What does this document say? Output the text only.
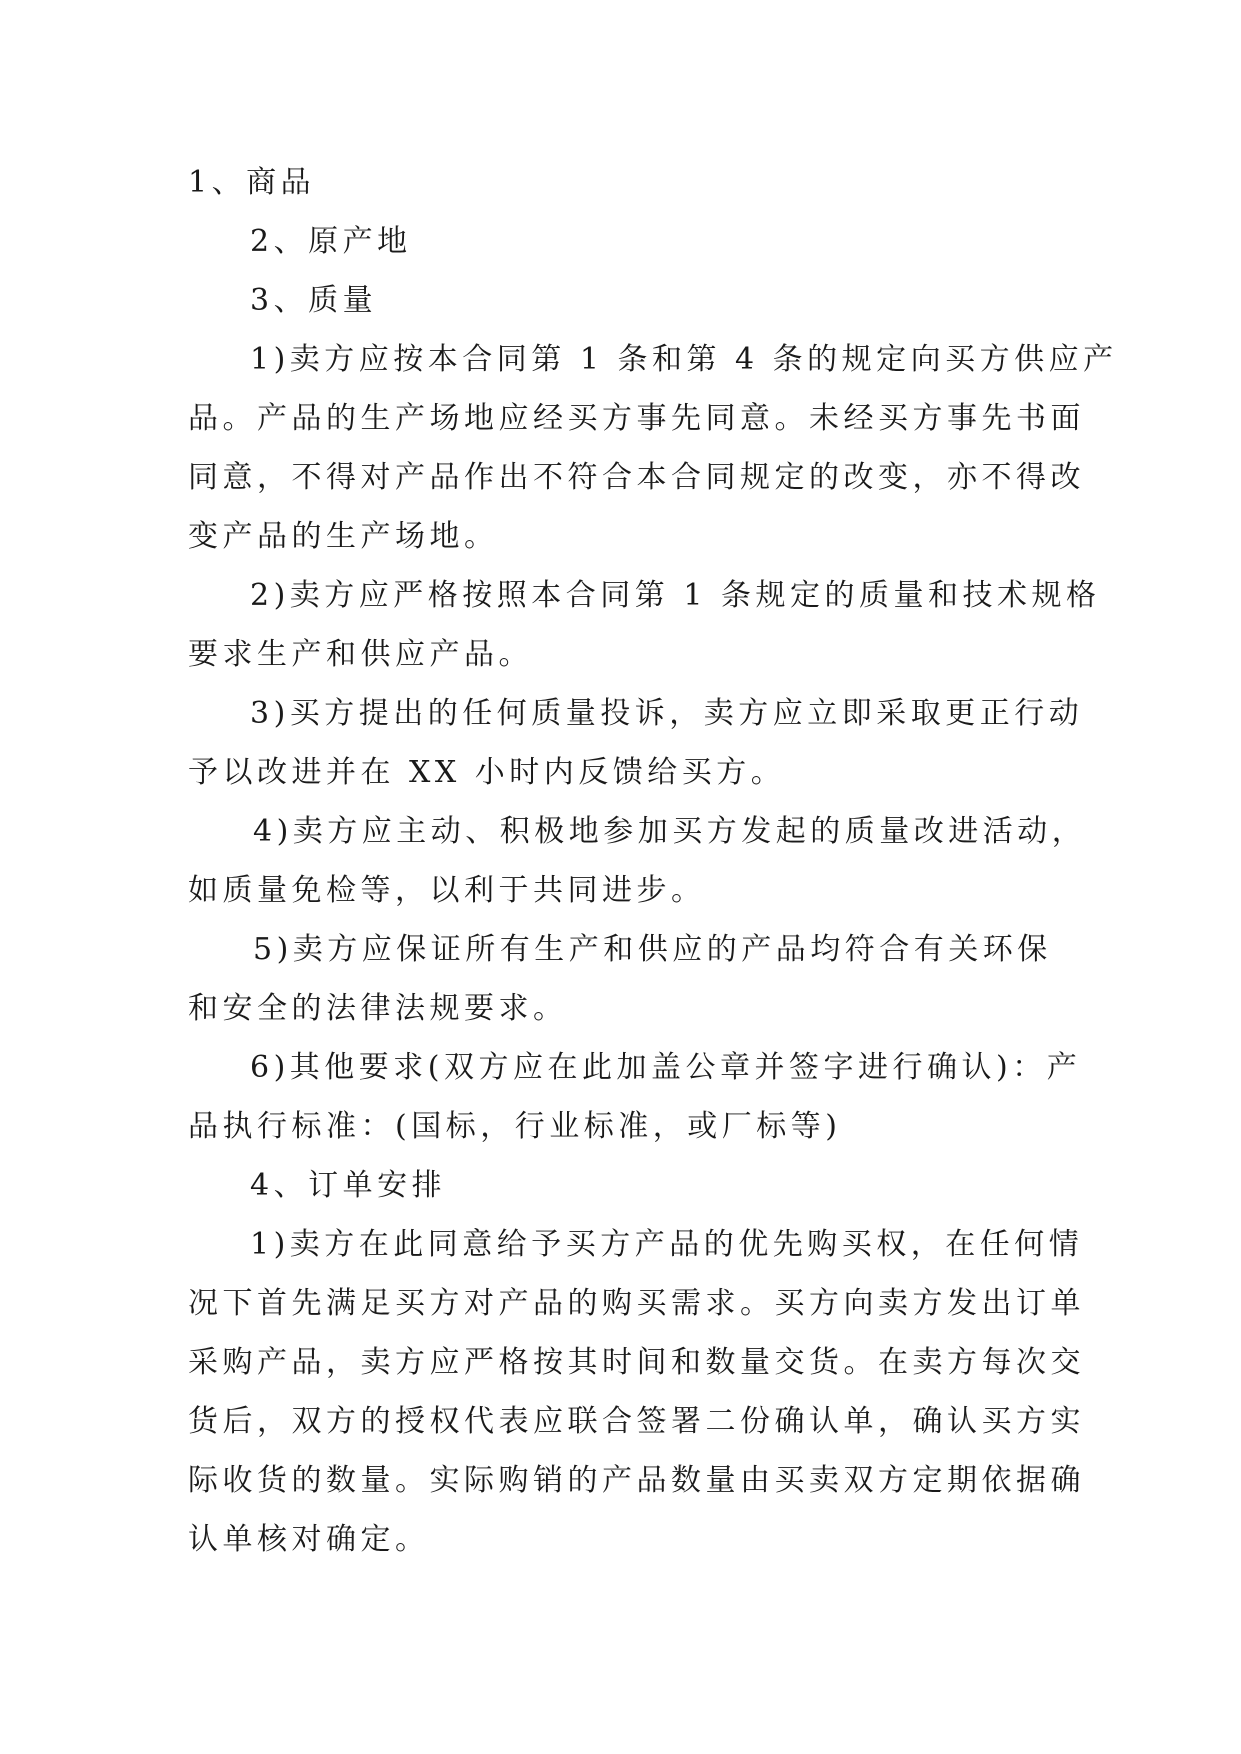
1、商品
2、原产地
3、质量
1)卖方应按本合同第 1 条和第 4 条的规定向买方供应产
品。产品的生产场地应经买方事先同意。未经买方事先书面
同意，不得对产品作出不符合本合同规定的改变，亦不得改
变产品的生产场地。
2)卖方应严格按照本合同第 1 条规定的质量和技术规格
要求生产和供应产品。
3)买方提出的任何质量投诉，卖方应立即采取更正行动
予以改进并在 XX 小时内反馈给买方。
4)卖方应主动、积极地参加买方发起的质量改进活动，
如质量免检等，以利于共同进步。
5)卖方应保证所有生产和供应的产品均符合有关环保
和安全的法律法规要求。
6)其他要求(双方应在此加盖公章并签字进行确认)：产
品执行标准：(国标，行业标准，或厂标等)
4、订单安排
1)卖方在此同意给予买方产品的优先购买权，在任何情
况下首先满足买方对产品的购买需求。买方向卖方发出订单
采购产品，卖方应严格按其时间和数量交货。在卖方每次交
货后，双方的授权代表应联合签署二份确认单，确认买方实
际收货的数量。实际购销的产品数量由买卖双方定期依据确
认单核对确定。
